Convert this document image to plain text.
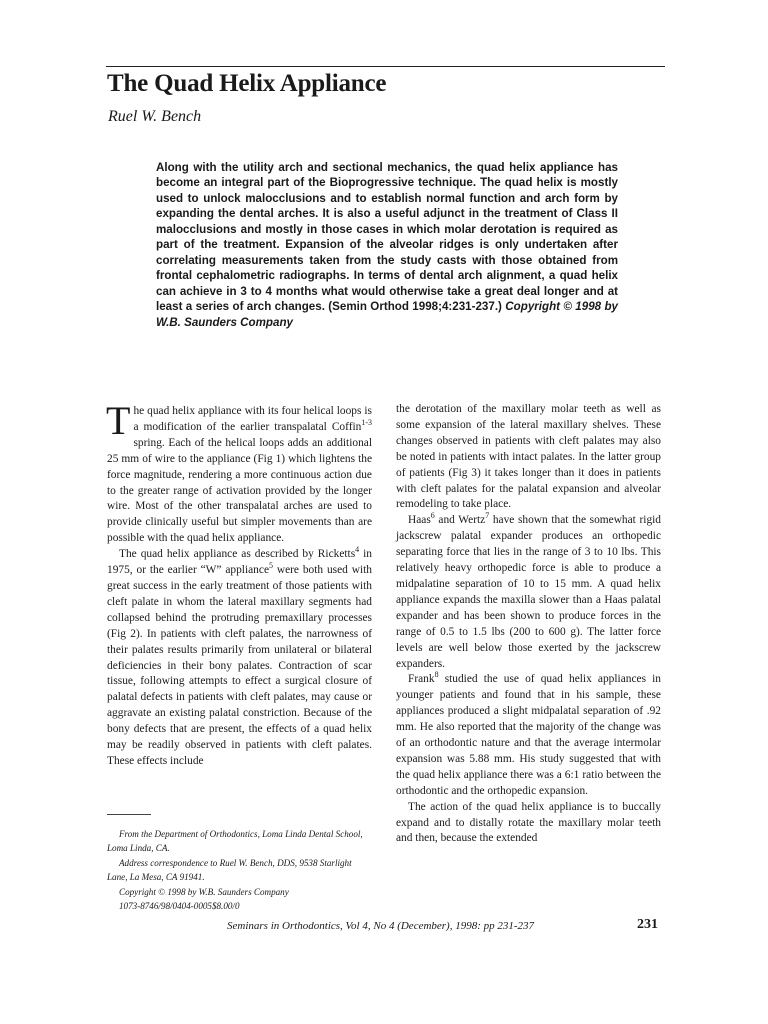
The Quad Helix Appliance
Ruel W. Bench

Along with the utility arch and sectional mechanics, the quad helix appliance has become an integral part of the Bioprogressive technique. The quad helix is mostly used to unlock malocclusions and to establish normal function and arch form by expanding the dental arches. It is also a useful adjunct in the treatment of Class II malocclusions and mostly in those cases in which molar derotation is required as part of the treatment. Expansion of the alveolar ridges is only undertaken after correlating measurements taken from the study casts with those obtained from frontal cephalometric radiographs. In terms of dental arch alignment, a quad helix can achieve in 3 to 4 months what would otherwise take a great deal longer and at least a series of arch changes. (Semin Orthod 1998;4:231-237.) Copyright © 1998 by W.B. Saunders Company

The quad helix appliance with its four helical loops is a modification of the earlier transpalatal Coffin$^{1-3}$ spring. Each of the helical loops adds an additional 25 mm of wire to the appliance (Fig 1) which lightens the force magnitude, rendering a more continuous action due to the greater range of activation provided by the longer wire. Most of the other transpalatal arches are used to provide clinically useful but simpler movements than are possible with the quad helix appliance.

The quad helix appliance as described by Ricketts$^4$ in 1975, or the earlier “W” appliance$^5$ were both used with great success in the early treatment of those patients with cleft palate in whom the lateral maxillary segments had collapsed behind the protruding premaxillary processes (Fig 2). In patients with cleft palates, the narrowness of their palates results primarily from unilateral or bilateral deficiencies in their bony palates. Contraction of scar tissue, following attempts to effect a surgical closure of palatal defects in patients with cleft palates, may cause or aggravate an existing palatal constriction. Because of the bony defects that are present, the effects of a quad helix may be readily observed in patients with cleft palates. These effects include

the derotation of the maxillary molar teeth as well as some expansion of the lateral maxillary shelves. These changes observed in patients with cleft palates may also be noted in patients with intact palates. In the latter group of patients (Fig 3) it takes longer than it does in patients with cleft palates for the palatal expansion and alveolar remodeling to take place.

Haas$^6$ and Wertz$^7$ have shown that the somewhat rigid jackscrew palatal expander produces an orthopedic separating force that lies in the range of 3 to 10 lbs. This relatively heavy orthopedic force is able to produce a midpalatine separation of 10 to 15 mm. A quad helix appliance expands the maxilla slower than a Haas palatal expander and has been shown to produce forces in the range of 0.5 to 1.5 lbs (200 to 600 g). The latter force levels are well below those exerted by the jackscrew expanders.

Frank$^8$ studied the use of quad helix appliances in younger patients and found that in his sample, these appliances produced a slight midpalatal separation of .92 mm. He also reported that the majority of the change was of an orthodontic nature and that the average intermolar expansion was 5.88 mm. His study suggested that with the quad helix appliance there was a 6:1 ratio between the orthodontic and the orthopedic expansion.

The action of the quad helix appliance is to buccally expand and to distally rotate the maxillary molar teeth and then, because the extended

From the Department of Orthodontics, Loma Linda Dental School, Loma Linda, CA.
Address correspondence to Ruel W. Bench, DDS, 9538 Starlight Lane, La Mesa, CA 91941.
Copyright © 1998 by W.B. Saunders Company
1073-8746/98/0404-0005$8.00/0
Seminars in Orthodontics, Vol 4, No 4 (December), 1998: pp 231-237	231
